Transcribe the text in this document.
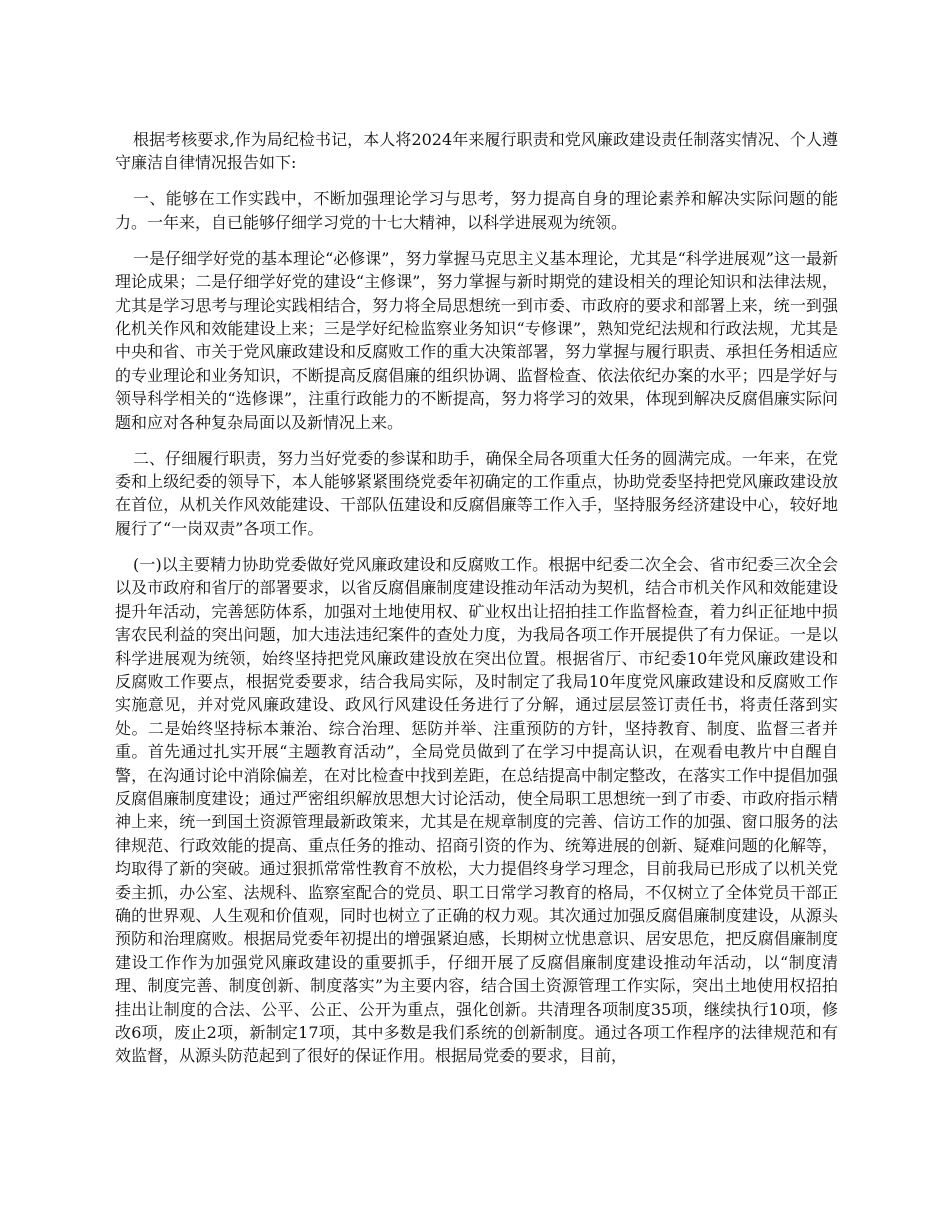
根据考核要求,作为局纪检书记，本人将2024年来履行职责和党风廉政建设责任制落实情况、个人遵守廉洁自律情况报告如下:

一、能够在工作实践中，不断加强理论学习与思考，努力提高自身的理论素养和解决实际问题的能力。一年来，自已能够仔细学习党的十七大精神，以科学进展观为统领。

一是仔细学好党的基本理论“必修课”，努力掌握马克思主义基本理论，尤其是“科学进展观”这一最新理论成果；二是仔细学好党的建设“主修课”，努力掌握与新时期党的建设相关的理论知识和法律法规，尤其是学习思考与理论实践相结合，努力将全局思想统一到市委、市政府的要求和部署上来，统一到强化机关作风和效能建设上来；三是学好纪检监察业务知识“专修课”，熟知党纪法规和行政法规，尤其是中央和省、市关于党风廉政建设和反腐败工作的重大决策部署，努力掌握与履行职责、承担任务相适应的专业理论和业务知识，不断提高反腐倡廉的组织协调、监督检查、依法依纪办案的水平；四是学好与领导科学相关的“选修课”，注重行政能力的不断提高，努力将学习的效果，体现到解决反腐倡廉实际问题和应对各种复杂局面以及新情况上来。

二、仔细履行职责，努力当好党委的参谋和助手，确保全局各项重大任务的圆满完成。一年来，在党委和上级纪委的领导下，本人能够紧紧围绕党委年初确定的工作重点，协助党委坚持把党风廉政建设放在首位，从机关作风效能建设、干部队伍建设和反腐倡廉等工作入手，坚持服务经济建设中心，较好地履行了“一岗双责”各项工作。

(一)以主要精力协助党委做好党风廉政建设和反腐败工作。根据中纪委二次全会、省市纪委三次全会以及市政府和省厅的部署要求，以省反腐倡廉制度建设推动年活动为契机，结合市机关作风和效能建设提升年活动，完善惩防体系，加强对土地使用权、矿业权出让招拍挂工作监督检查，着力纠正征地中损害农民利益的突出问题，加大违法违纪案件的查处力度，为我局各项工作开展提供了有力保证。一是以科学进展观为统领，始终坚持把党风廉政建设放在突出位置。根据省厅、市纪委10年党风廉政建设和反腐败工作要点，根据党委要求，结合我局实际，及时制定了我局10年度党风廉政建设和反腐败工作实施意见，并对党风廉政建设、政风行风建设任务进行了分解，通过层层签订责任书，将责任落到实处。二是始终坚持标本兼治、综合治理、惩防并举、注重预防的方针，坚持教育、制度、监督三者并重。首先通过扎实开展“主题教育活动”，全局党员做到了在学习中提高认识，在观看电教片中自醒自警，在沟通讨论中消除偏差，在对比检查中找到差距，在总结提高中制定整改，在落实工作中提倡加强反腐倡廉制度建设；通过严密组织解放思想大讨论活动，使全局职工思想统一到了市委、市政府指示精神上来，统一到国土资源管理最新政策来，尤其是在规章制度的完善、信访工作的加强、窗口服务的法律规范、行政效能的提高、重点任务的推动、招商引资的作为、统筹进展的创新、疑难问题的化解等，均取得了新的突破。通过狠抓常常性教育不放松，大力提倡终身学习理念，目前我局已形成了以机关党委主抓，办公室、法规科、监察室配合的党员、职工日常学习教育的格局，不仅树立了全体党员干部正确的世界观、人生观和价值观，同时也树立了正确的权力观。其次通过加强反腐倡廉制度建设，从源头预防和治理腐败。根据局党委年初提出的增强紧迫感，长期树立忧患意识、居安思危，把反腐倡廉制度建设工作作为加强党风廉政建设的重要抓手，仔细开展了反腐倡廉制度建设推动年活动，以“制度清理、制度完善、制度创新、制度落实”为主要内容，结合国土资源管理工作实际，突出土地使用权招拍挂出让制度的合法、公平、公正、公开为重点，强化创新。共清理各项制度35项，继续执行10项，修改6项，废止2项，新制定17项，其中多数是我们系统的创新制度。通过各项工作程序的法律规范和有效监督，从源头防范起到了很好的保证作用。根据局党委的要求，目前，
